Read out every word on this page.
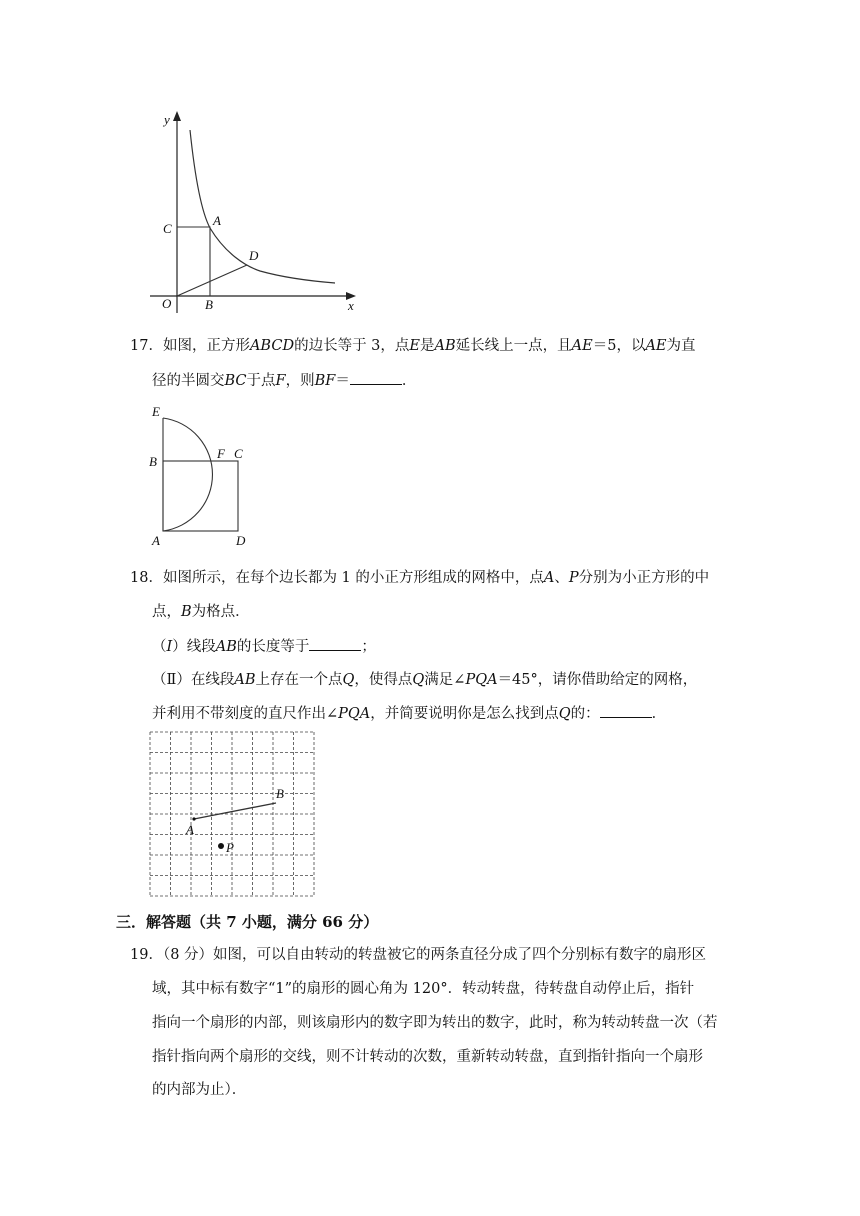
y
x
C
A
D
O	B
17．如图，正方形ABCD的边长等于 3，点E是AB延长线上一点，且AE＝5，以AE为直
径的半圆交BC于点F，则BF＝	．
E
B
F C
A	D
18．如图所示，在每个边长都为 1 的小正方形组成的网格中，点A、P分别为小正方形的中
点，B为格点．
（I）线段AB的长度等于	；
（Ⅱ）在线段AB上存在一个点Q，使得点Q满足∠PQA＝45°，请你借助给定的网格，
并利用不带刻度的直尺作出∠PQA，并简要说明你是怎么找到点Q的：	．
A
B
P
三．解答题（共 7 小题，满分 66 分）
19．（8 分）如图，可以自由转动的转盘被它的两条直径分成了四个分别标有数字的扇形区
域，其中标有数字“1”的扇形的圆心角为 120°．转动转盘，待转盘自动停止后，指针
指向一个扇形的内部，则该扇形内的数字即为转出的数字，此时，称为转动转盘一次（若
指针指向两个扇形的交线，则不计转动的次数，重新转动转盘，直到指针指向一个扇形
的内部为止）．
